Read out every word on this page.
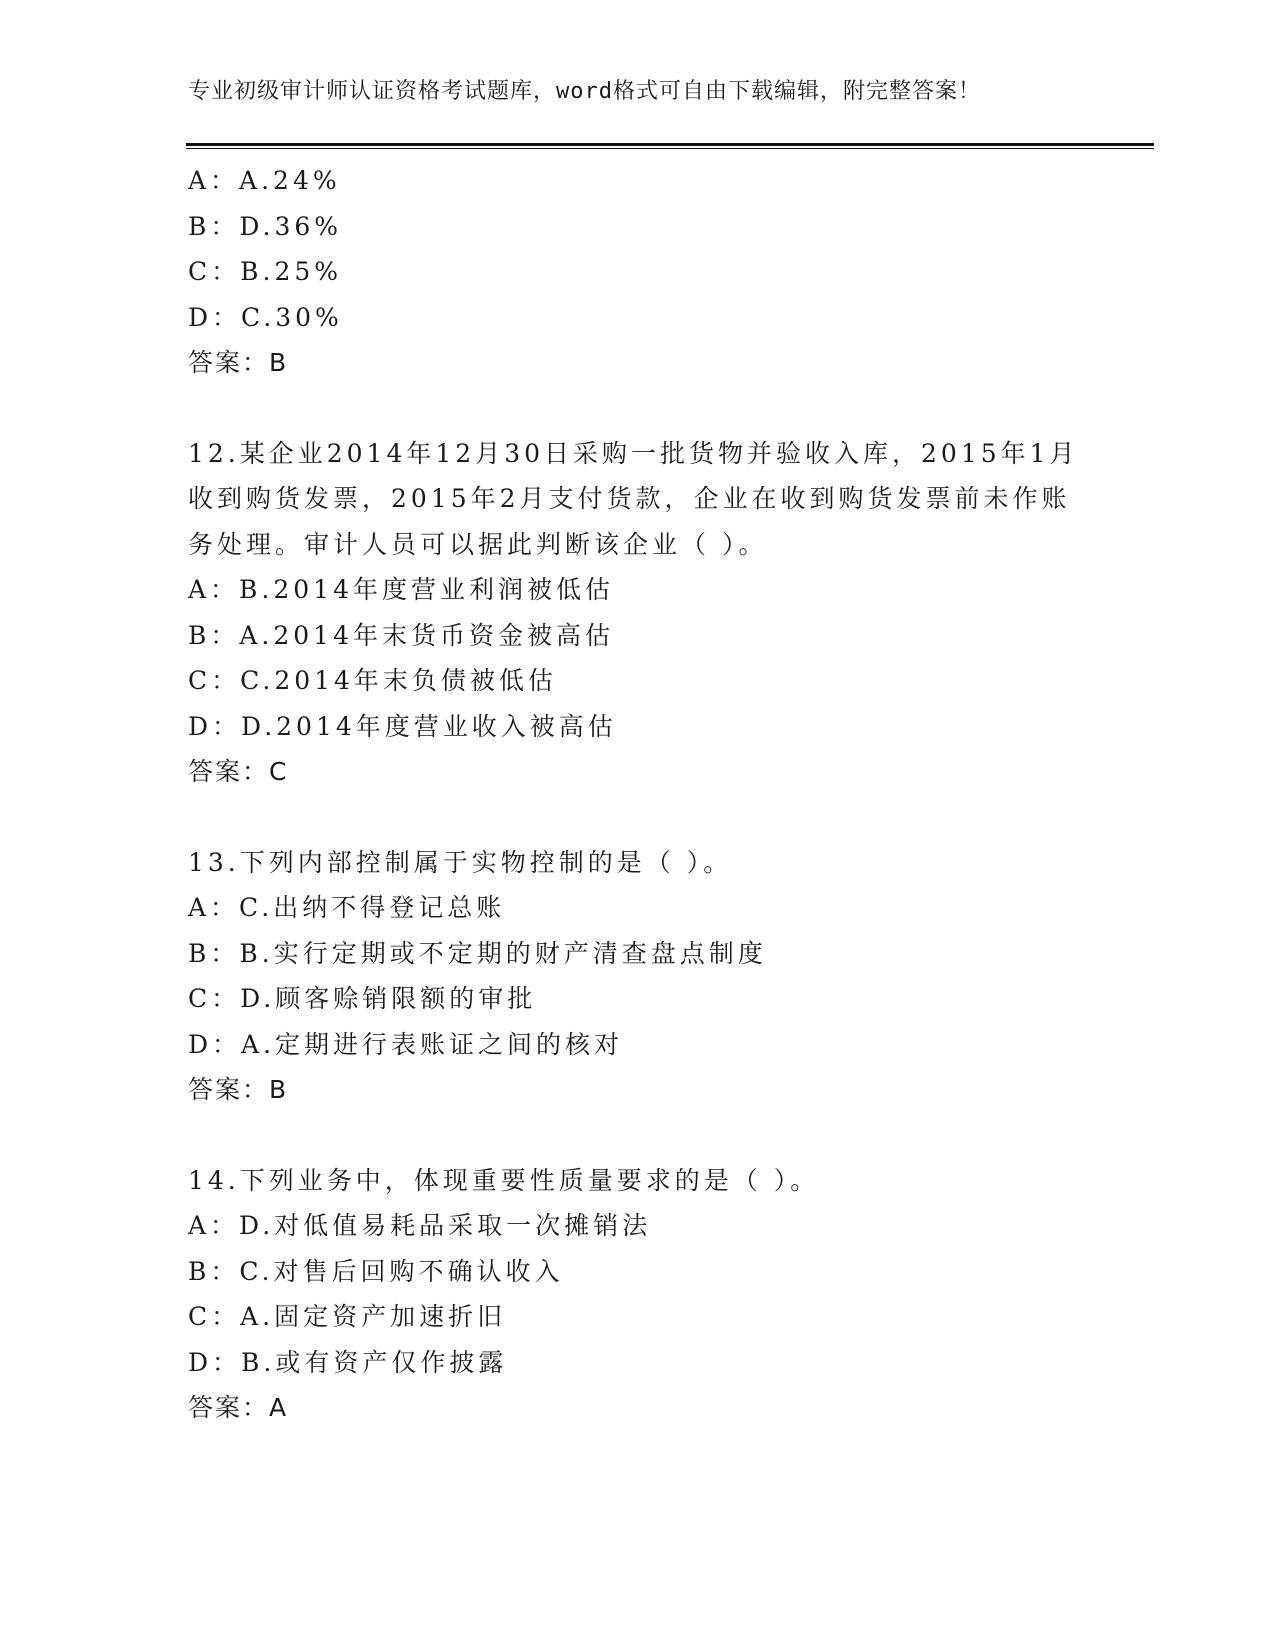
专业初级审计师认证资格考试题库，word格式可自由下载编辑，附完整答案！
A：A.24%
B：D.36%
C：B.25%
D：C.30%
答案：B
12.某企业2014年12月30日采购一批货物并验收入库，2015年1月
收到购货发票，2015年2月支付货款，企业在收到购货发票前未作账
务处理。审计人员可以据此判断该企业（ ）。
A：B.2014年度营业利润被低估
B：A.2014年末货币资金被高估
C：C.2014年末负债被低估
D：D.2014年度营业收入被高估
答案：C
13.下列内部控制属于实物控制的是（ ）。
A：C.出纳不得登记总账
B：B.实行定期或不定期的财产清查盘点制度
C：D.顾客赊销限额的审批
D：A.定期进行表账证之间的核对
答案：B
14.下列业务中，体现重要性质量要求的是（ ）。
A：D.对低值易耗品采取一次摊销法
B：C.对售后回购不确认收入
C：A.固定资产加速折旧
D：B.或有资产仅作披露
答案：A
